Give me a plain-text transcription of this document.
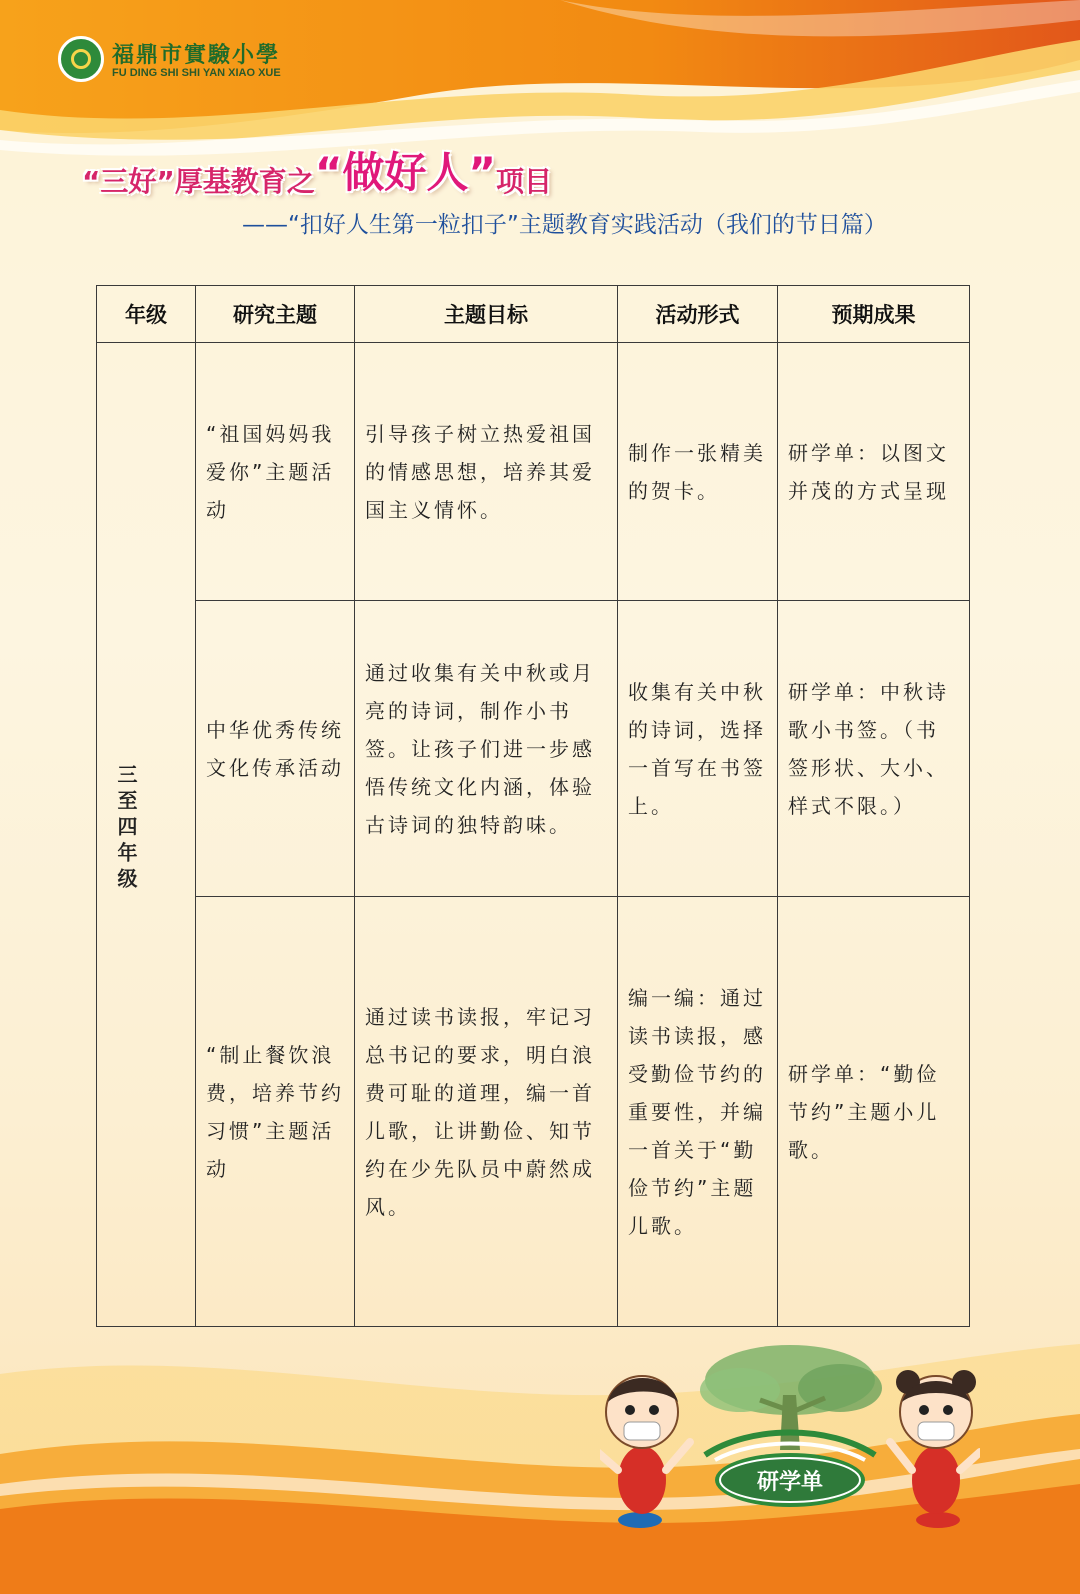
福鼎市實驗小學
FU DING SHI SHI YAN XIAO XUE
“三好”厚基教育之“做好人”项目
——“扣好人生第一粒扣子”主题教育实践活动（我们的节日篇）
年级	研究主题	主题目标	活动形式	预期成果
三至四年级	“祖国妈妈我爱你”主题活动	引导孩子树立热爱祖国的情感思想，培养其爱国主义情怀。	制作一张精美的贺卡。	研学单：以图文并茂的方式呈现
	中华优秀传统文化传承活动	通过收集有关中秋或月亮的诗词，制作小书签。让孩子们进一步感悟传统文化内涵，体验古诗词的独特韵味。	收集有关中秋的诗词，选择一首写在书签上。	研学单：中秋诗歌小书签。（书签形状、大小、样式不限。）
	“制止餐饮浪费，培养节约习惯”主题活动	通过读书读报，牢记习总书记的要求，明白浪费可耻的道理，编一首儿歌，让讲勤俭、知节约在少先队员中蔚然成风。	编一编：通过读书读报，感受勤俭节约的重要性，并编一首关于“勤俭节约”主题儿歌。	研学单：“勤俭节约”主题小儿歌。
研学单
